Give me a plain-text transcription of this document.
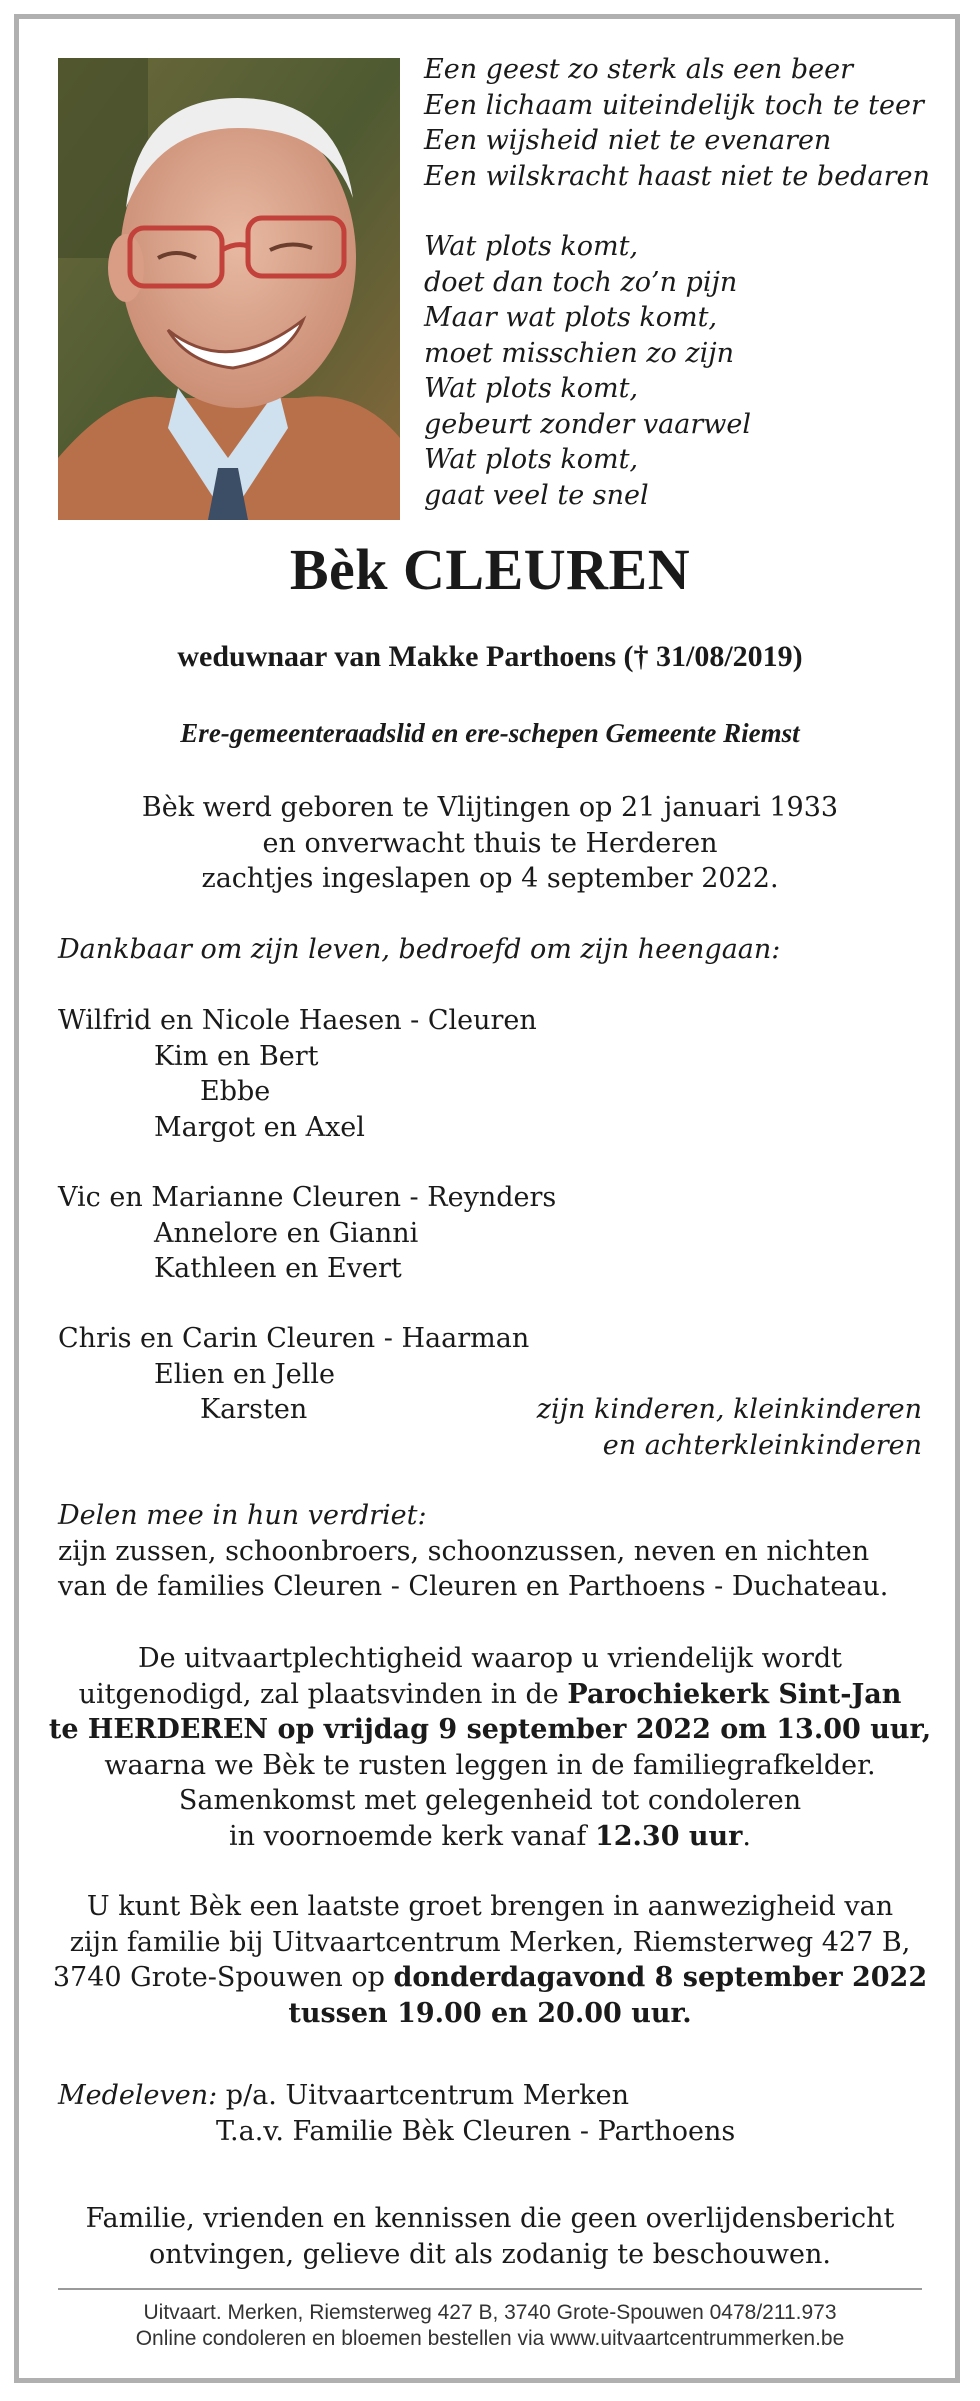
Een geest zo sterk als een beer
Een lichaam uiteindelijk toch te teer
Een wijsheid niet te evenaren
Een wilskracht haast niet te bedaren
Wat plots komt,
doet dan toch zo’n pijn
Maar wat plots komt,
moet misschien zo zijn
Wat plots komt,
gebeurt zonder vaarwel
Wat plots komt,
gaat veel te snel
Bèk CLEUREN
weduwnaar van Makke Parthoens († 31/08/2019)
Ere-gemeenteraadslid en ere-schepen Gemeente Riemst
Bèk werd geboren te Vlijtingen op 21 januari 1933
en onverwacht thuis te Herderen
zachtjes ingeslapen op 4 september 2022.
Dankbaar om zijn leven, bedroefd om zijn heengaan:
Wilfrid en Nicole Haesen - Cleuren
Kim en Bert
Ebbe
Margot en Axel
Vic en Marianne Cleuren - Reynders
Annelore en Gianni
Kathleen en Evert
Chris en Carin Cleuren - Haarman
Elien en Jelle
Karsten	zijn kinderen, kleinkinderen
en achterkleinkinderen
Delen mee in hun verdriet:
zijn zussen, schoonbroers, schoonzussen, neven en nichten
van de families Cleuren - Cleuren en Parthoens - Duchateau.
De uitvaartplechtigheid waarop u vriendelijk wordt
uitgenodigd, zal plaatsvinden in de Parochiekerk Sint-Jan
te HERDEREN op vrijdag 9 september 2022 om 13.00 uur,
waarna we Bèk te rusten leggen in de familiegrafkelder.
Samenkomst met gelegenheid tot condoleren
in voornoemde kerk vanaf 12.30 uur.
U kunt Bèk een laatste groet brengen in aanwezigheid van
zijn familie bij Uitvaartcentrum Merken, Riemsterweg 427 B,
3740 Grote-Spouwen op donderdagavond 8 september 2022
tussen 19.00 en 20.00 uur.
Medeleven: p/a. Uitvaartcentrum Merken
T.a.v. Familie Bèk Cleuren - Parthoens
Familie, vrienden en kennissen die geen overlijdensbericht
ontvingen, gelieve dit als zodanig te beschouwen.
Uitvaart. Merken, Riemsterweg 427 B, 3740 Grote-Spouwen 0478/211.973
Online condoleren en bloemen bestellen via www.uitvaartcentrummerken.be
